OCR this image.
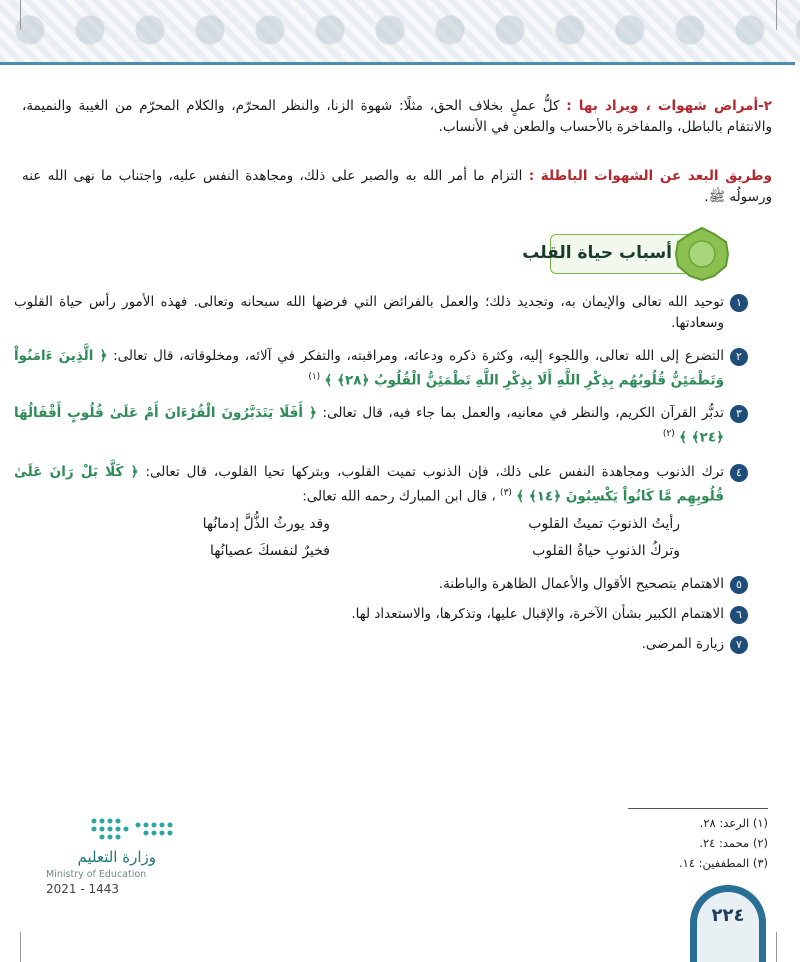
٢-أمراض شهوات ، ويراد بها : كلُّ عملٍ بخلاف الحق، مثلًا: شهوة الزنا، والنظر المحرّم، والكلام المحرّم من الغيبة والنميمة، والانتقام بالباطل، والمفاخرة بالأحساب والطعن في الأنساب.
وطريق البعد عن الشهوات الباطلة : التزام ما أمر الله به والصبر على ذلك، ومجاهدة النفس عليه، واجتناب ما نهى الله عنه ورسولُه ﷺ.
أسباب حياة القلب
١
توحيد الله تعالى والإيمان به، وتجديد ذلك؛ والعمل بالفرائض التي فرضها الله سبحانه وتعالى. فهذه الأمور رأس حياة القلوب وسعادتها.
٢
التضرع إلى الله تعالى، واللجوء إليه، وكثرة ذكره ودعائه، ومراقبته، والتفكر في آلائه، ومخلوقاته، قال تعالى: ﴿ الَّذِينَ ءَامَنُواْ وَتَطْمَئِنُّ قُلُوبُهُم بِذِكْرِ اللَّهِ أَلَا بِذِكْرِ اللَّهِ تَطْمَئِنُّ الْقُلُوبُ ﴿٢٨﴾ ﴾ $^{(١)}$
٣
تدبُّر القرآن الكريم، والنظر في معانيه، والعمل بما جاء فيه، قال تعالى: ﴿ أَفَلَا يَتَدَبَّرُونَ الْقُرْءَانَ أَمْ عَلَىٰ قُلُوبٍ أَقْفَالُهَا ﴿٢٤﴾ ﴾ $^{(٢)}$
٤
ترك الذنوب ومجاهدة النفس على ذلك، فإن الذنوب تميت القلوب، وبتركها تحيا القلوب، قال تعالى: ﴿ كَلَّا بَلْ رَانَ عَلَىٰ قُلُوبِهِم مَّا كَانُواْ يَكْسِبُونَ ﴿١٤﴾ ﴾ $^{(٣)}$ ، قال ابن المبارك رحمه الله تعالى:
رأيتُ الذنوبَ تميتُ القلوب
وقد يورثُ الذُّلَّ إدمانُها
وتركُ الذنوبِ حياةُ القلوب
فخيرٌ لنفسكَ عصيانُها
٥
الاهتمام بتصحيح الأقوال والأعمال الظاهرة والباطنة.
٦
الاهتمام الكبير بشأن الآخرة، والإقبال عليها، وتذكرها، والاستعداد لها.
٧
زيارة المرضى.
(١) الرعد: ٢٨.
(٢) محمد: ٢٤.
(٣) المطففين: ١٤.
وزارة التعليم
Ministry of Education
2021 - 1443
٢٢٤
